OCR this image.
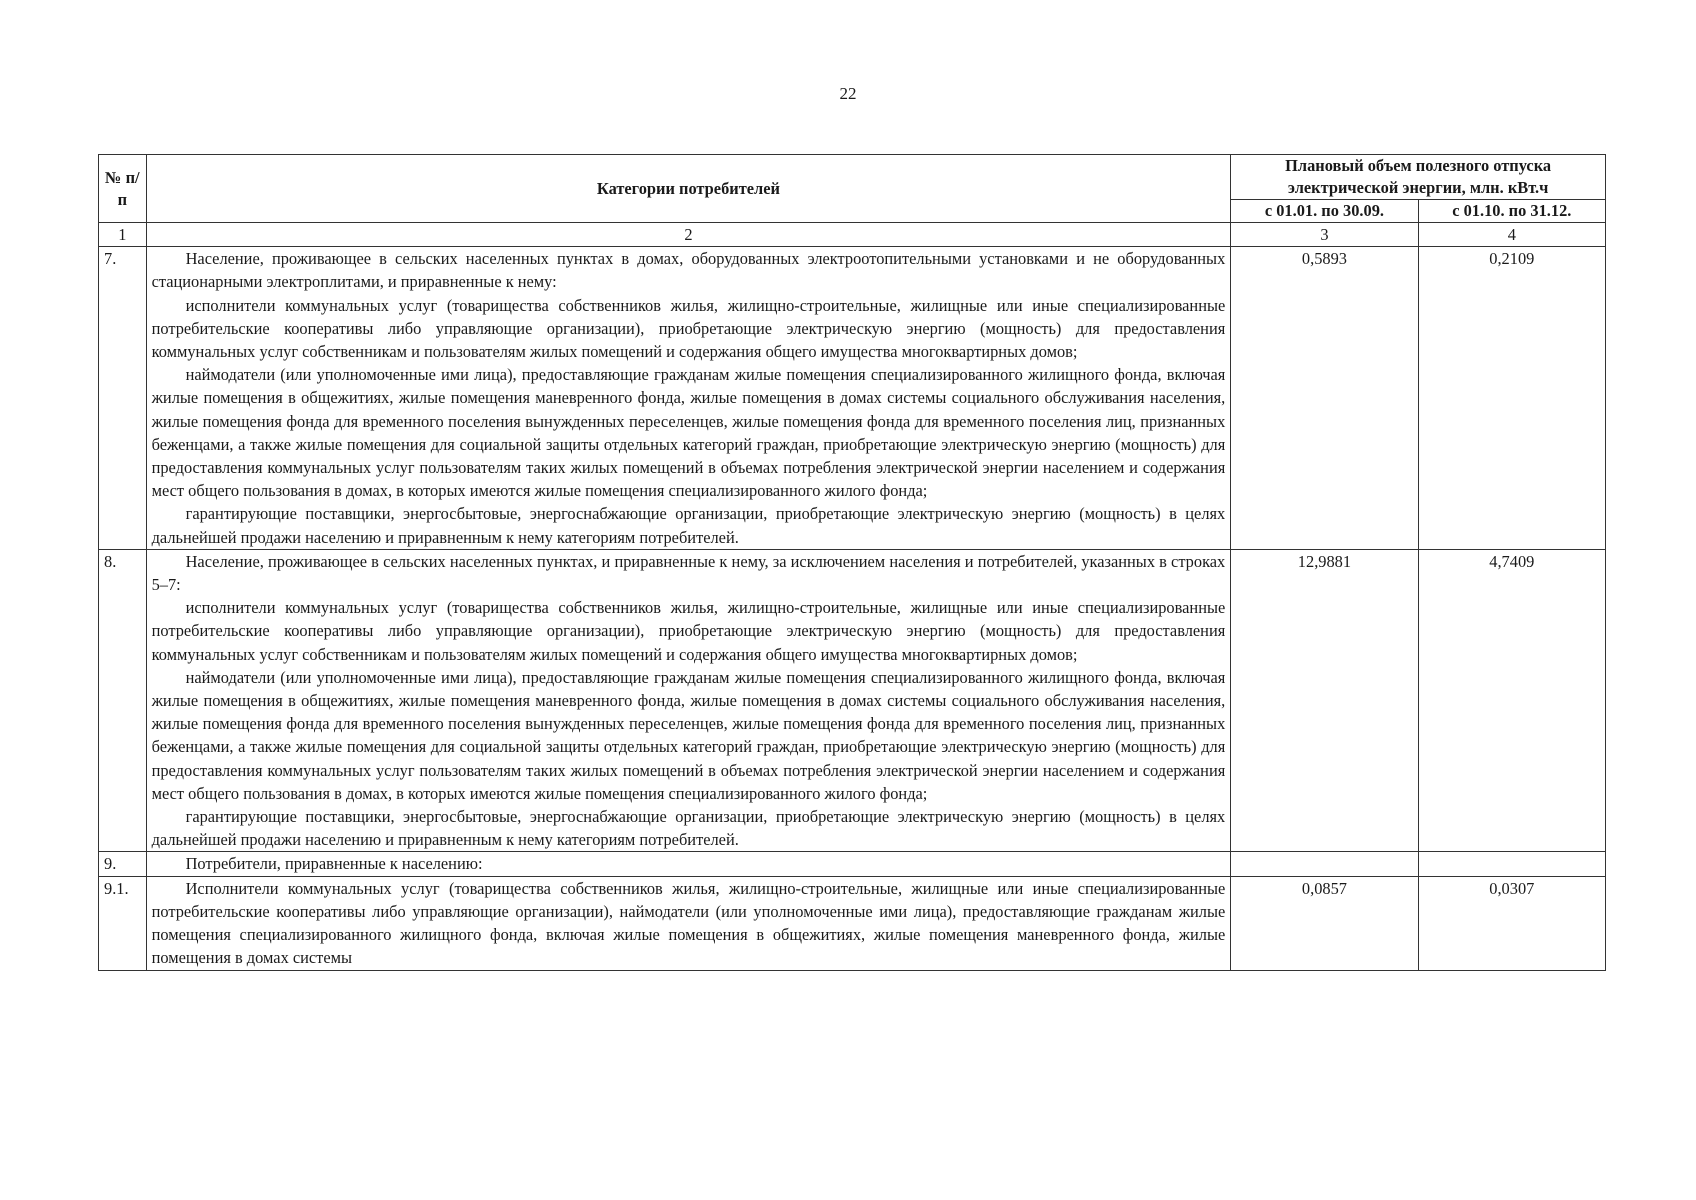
22
№ п/п	Категории потребителей	Плановый объем полезного отпуска электрической энергии, млн. кВт.ч	
		с 01.01. по 30.09.	с 01.10. по 31.12.
1	2	3	4
7.	Население, проживающее в сельских населенных пунктах в домах, оборудованных электроотопительными установками и не оборудованных стационарными электроплитами, и приравненные к нему:

исполнители коммунальных услуг (товарищества собственников жилья, жилищно-строительные, жилищные или иные специализированные потребительские кооперативы либо управляющие организации), приобретающие электрическую энергию (мощность) для предоставления коммунальных услуг собственникам и пользователям жилых помещений и содержания общего имущества многоквартирных домов;

наймодатели (или уполномоченные ими лица), предоставляющие гражданам жилые помещения специализированного жилищного фонда, включая жилые помещения в общежитиях, жилые помещения маневренного фонда, жилые помещения в домах системы социального обслуживания населения, жилые помещения фонда для временного поселения вынужденных переселенцев, жилые помещения фонда для временного поселения лиц, признанных беженцами, а также жилые помещения для социальной защиты отдельных категорий граждан, приобретающие электрическую энергию (мощность) для предоставления коммунальных услуг пользователям таких жилых помещений в объемах потребления электрической энергии населением и содержания мест общего пользования в домах, в которых имеются жилые помещения специализированного жилого фонда;

гарантирующие поставщики, энергосбытовые, энергоснабжающие организации, приобретающие электрическую энергию (мощность) в целях дальнейшей продажи населению и приравненным к нему категориям потребителей.	0,5893	0,2109
8.	Население, проживающее в сельских населенных пунктах, и приравненные к нему, за исключением населения и потребителей, указанных в строках 5–7:

исполнители коммунальных услуг (товарищества собственников жилья, жилищно-строительные, жилищные или иные специализированные потребительские кооперативы либо управляющие организации), приобретающие электрическую энергию (мощность) для предоставления коммунальных услуг собственникам и пользователям жилых помещений и содержания общего имущества многоквартирных домов;

наймодатели (или уполномоченные ими лица), предоставляющие гражданам жилые помещения специализированного жилищного фонда, включая жилые помещения в общежитиях, жилые помещения маневренного фонда, жилые помещения в домах системы социального обслуживания населения, жилые помещения фонда для временного поселения вынужденных переселенцев, жилые помещения фонда для временного поселения лиц, признанных беженцами, а также жилые помещения для социальной защиты отдельных категорий граждан, приобретающие электрическую энергию (мощность) для предоставления коммунальных услуг пользователям таких жилых помещений в объемах потребления электрической энергии населением и содержания мест общего пользования в домах, в которых имеются жилые помещения специализированного жилого фонда;

гарантирующие поставщики, энергосбытовые, энергоснабжающие организации, приобретающие электрическую энергию (мощность) в целях дальнейшей продажи населению и приравненным к нему категориям потребителей.	12,9881	4,7409
9.	Потребители, приравненные к населению:		

9.1.	Исполнители коммунальных услуг (товарищества собственников жилья, жилищно-строительные, жилищные или иные специализированные потребительские кооперативы либо управляющие организации), наймодатели (или уполномоченные ими лица), предоставляющие гражданам жилые помещения специализированного жилищного фонда, включая жилые помещения в общежитиях, жилые помещения маневренного фонда, жилые помещения в домах системы	0,0857	0,0307
